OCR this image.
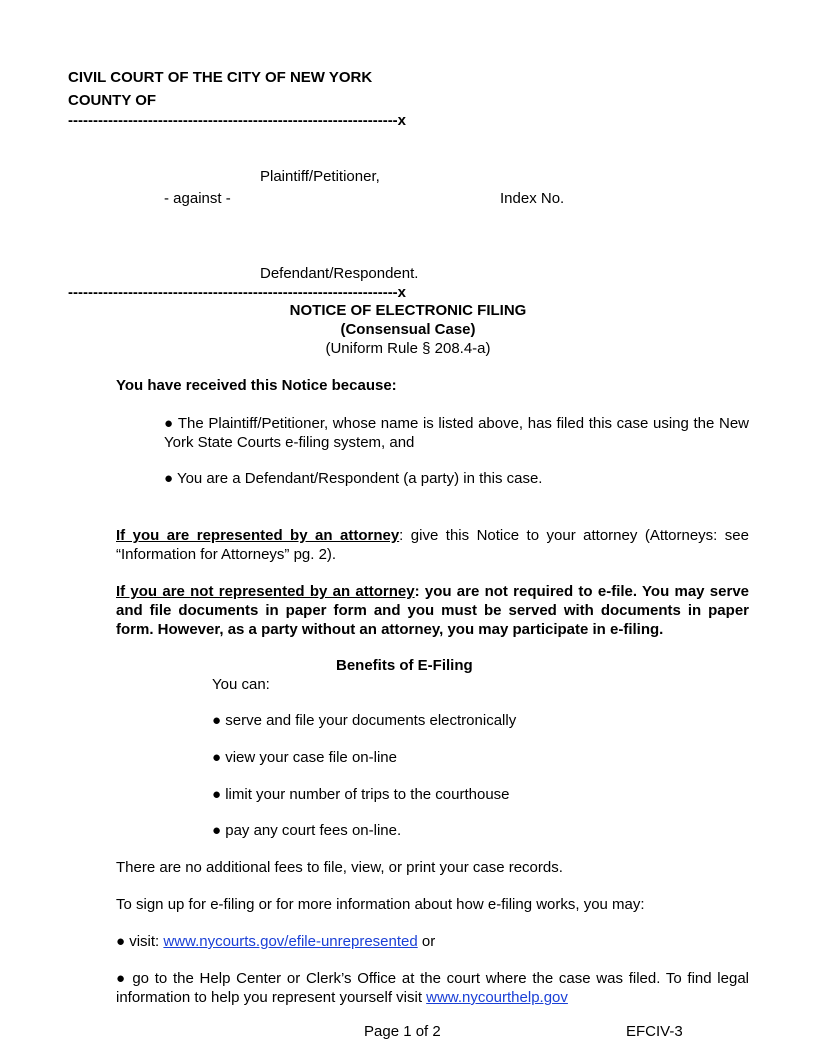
CIVIL COURT OF THE CITY OF NEW YORK
COUNTY OF
------------------------------------------------------------------x
Plaintiff/Petitioner,
- against -	Index No.
Defendant/Respondent.
------------------------------------------------------------------x
NOTICE OF ELECTRONIC FILING
(Consensual Case)
(Uniform Rule § 208.4-a)
You have received this Notice because:
● The Plaintiff/Petitioner, whose name is listed above, has filed this case using the New York State Courts e-filing system, and
● You are a Defendant/Respondent (a party) in this case.
If you are represented by an attorney: give this Notice to your attorney (Attorneys: see “Information for Attorneys” pg. 2).
If you are not represented by an attorney: you are not required to e-file. You may serve and file documents in paper form and you must be served with documents in paper form. However, as a party without an attorney, you may participate in e-filing.
Benefits of E-Filing
You can:
● serve and file your documents electronically
● view your case file on-line
● limit your number of trips to the courthouse
● pay any court fees on-line.
There are no additional fees to file, view, or print your case records.
To sign up for e-filing or for more information about how e-filing works, you may:
● visit: www.nycourts.gov/efile-unrepresented or
● go to the Help Center or Clerk’s Office at the court where the case was filed. To find legal information to help you represent yourself visit www.nycourthelp.gov
Page 1 of 2	EFCIV-3
